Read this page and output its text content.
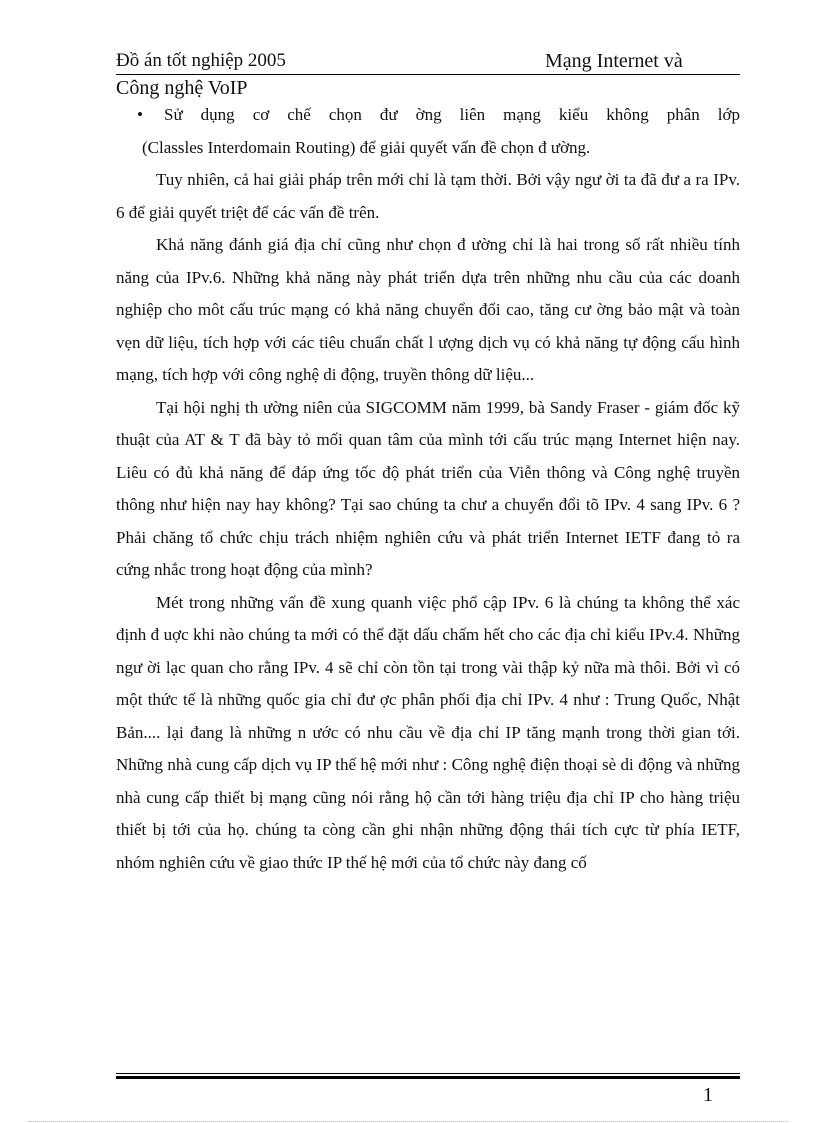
Đồ án tốt nghiệp 2005	Mạng Internet và
Công nghệ VoIP
•	Sử dụng cơ chế chọn đư ờng liên mạng kiểu không phân lớp

(Classles Interdomain Routing) để giải quyết vấn đề chọn đ ường.

Tuy nhiên, cả hai giải pháp trên mới chỉ là tạm thời. Bởi vậy ngư ời ta đã đư a ra IPv. 6 để giải quyết triệt để các vấn đề trên.

Khả năng đánh giá địa chỉ cũng như chọn đ ường chỉ là hai trong số rất nhiều tính năng của IPv.6. Những khả năng này phát triển dựa trên những nhu cầu của các doanh nghiệp cho môt cấu trúc mạng có khả năng chuyển đổi cao, tăng cư ờng bảo mật và toàn vẹn dữ liệu, tích hợp với các tiêu chuẩn chất l ượng dịch vụ có khả năng tự động cấu hình mạng, tích hợp với công nghệ di động, truyền thông dữ liệu...

Tại hội nghị th ường niên của SIGCOMM năm 1999, bà Sandy Fraser - giám đốc kỹ thuật của AT & T đã bày tỏ mối quan tâm của mình tới cấu trúc mạng Internet hiện nay. Liêu có đủ khả năng để đáp ứng tốc độ phát triển của Viễn thông và Công nghệ truyền thông như hiện nay hay không? Tại sao chúng ta chư a chuyển đổi tõ IPv. 4 sang IPv. 6 ? Phải chăng tổ chức chịu trách nhiệm nghiên cứu và phát triển Internet IETF đang tỏ ra cứng nhắc trong hoạt động của mình?

Mét trong những vấn đề xung quanh việc phổ cập IPv. 6 là chúng ta không thể xác định đ uợc khi nào chúng ta mới có thể đặt dấu chấm hết cho các địa chỉ kiểu IPv.4. Những ngư ời lạc quan cho rằng IPv. 4 sẽ chỉ còn tồn tại trong vài thập kỷ nữa mà thôi. Bởi vì có một thức tế là những quốc gia chỉ đư ợc phân phối địa chỉ IPv. 4 như : Trung Quốc, Nhật Bản.... lại đang là những n ước có nhu cầu về địa chỉ IP tăng mạnh trong thời gian tới. Những nhà cung cấp dịch vụ IP thế hệ mới như : Công nghệ điện thoại sè di động và những nhà cung cấp thiết bị mạng cũng nói rằng hộ cần tới hàng triệu địa chỉ IP cho hàng triệu thiết bị tới của họ. chúng ta còng cần ghi nhận những động thái tích cực từ phía IETF, nhóm nghiên cứu về giao thức IP thế hệ mới của tổ chức này đang cố

1
